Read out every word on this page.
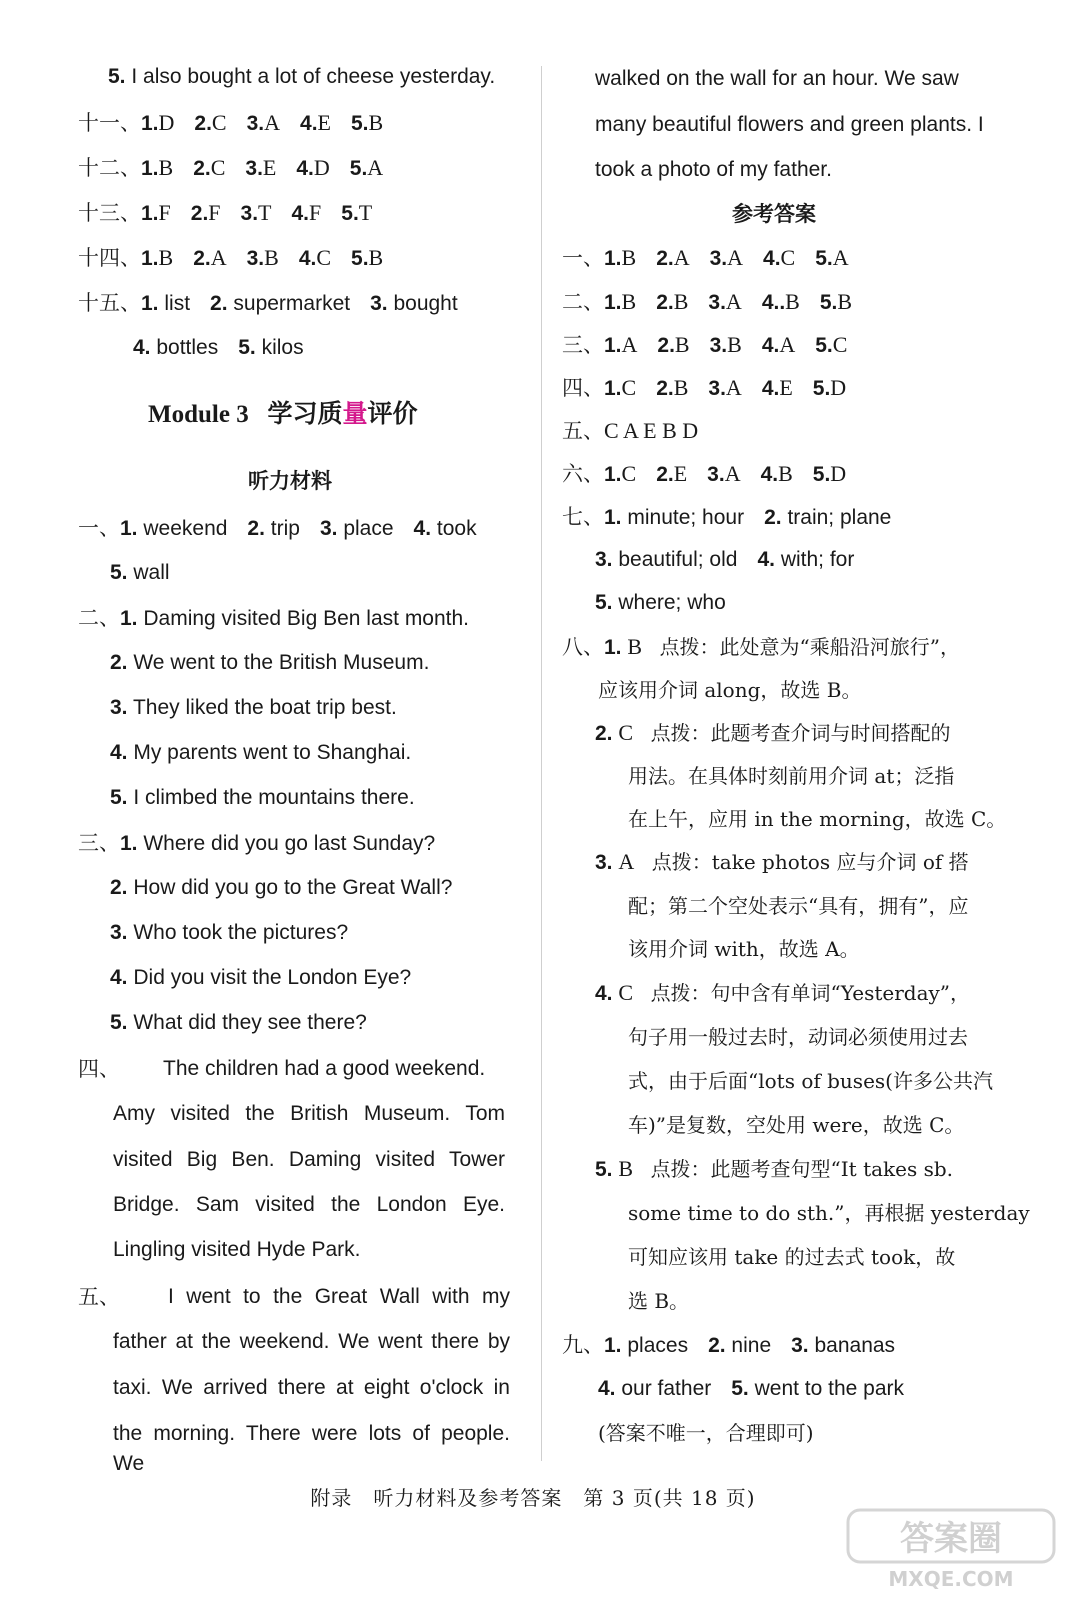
5. I also bought a lot of cheese yesterday.
十一、1.D 2.C 3.A 4.E 5.B
十二、1.B 2.C 3.E 4.D 5.A
十三、1.F 2.F 3.T 4.F 5.T
十四、1.B 2.A 3.B 4.C 5.B
十五、1. list 2. supermarket 3. bought
4. bottles 5. kilos
Module 3 学习质量评价
听力材料
一、1. weekend 2. trip 3. place 4. took
5. wall
二、1. Daming visited Big Ben last month.
2. We went to the British Museum.
3. They liked the boat trip best.
4. My parents went to Shanghai.
5. I climbed the mountains there.
三、1. Where did you go last Sunday?
2. How did you go to the Great Wall?
3. Who took the pictures?
4. Did you visit the London Eye?
5. What did they see there?
四、 The children had a good weekend.
Amy visited the British Museum. Tom
visited Big Ben. Daming visited Tower
Bridge. Sam visited the London Eye.
Lingling visited Hyde Park.
五、 I went to the Great Wall with my
father at the weekend. We went there by
taxi. We arrived there at eight o'clock in
the morning. There were lots of people. We
walked on the wall for an hour. We saw
many beautiful flowers and green plants. I
took a photo of my father.
参考答案
一、1.B 2.A 3.A 4.C 5.A
二、1.B 2.B 3.A 4..B 5.B
三、1.A 2.B 3.B 4.A 5.C
四、1.C 2.B 3.A 4.E 5.D
五、C A E B D
六、1.C 2.E 3.A 4.B 5.D
七、1. minute; hour 2. train; plane
3. beautiful; old 4. with; for
5. where; who
八、1. B 点拨：此处意为“乘船沿河旅行”，
应该用介词 along，故选 B。
2. C 点拨：此题考查介词与时间搭配的
用法。在具体时刻前用介词 at；泛指
在上午，应用 in the morning，故选 C。
3. A 点拨：take photos 应与介词 of 搭
配；第二个空处表示“具有，拥有”，应
该用介词 with，故选 A。
4. C 点拨：句中含有单词“Yesterday”，
句子用一般过去时，动词必须使用过去
式，由于后面“lots of buses(许多公共汽
车)”是复数，空处用 were，故选 C。
5. B 点拨：此题考查句型“It takes sb.
some time to do sth.”，再根据 yesterday
可知应该用 take 的过去式 took，故
选 B。
九、1. places 2. nine 3. bananas
4. our father 5. went to the park
(答案不唯一，合理即可)
附录　听力材料及参考答案　第 3 页(共 18 页)
答案圈
MXQE.COM
